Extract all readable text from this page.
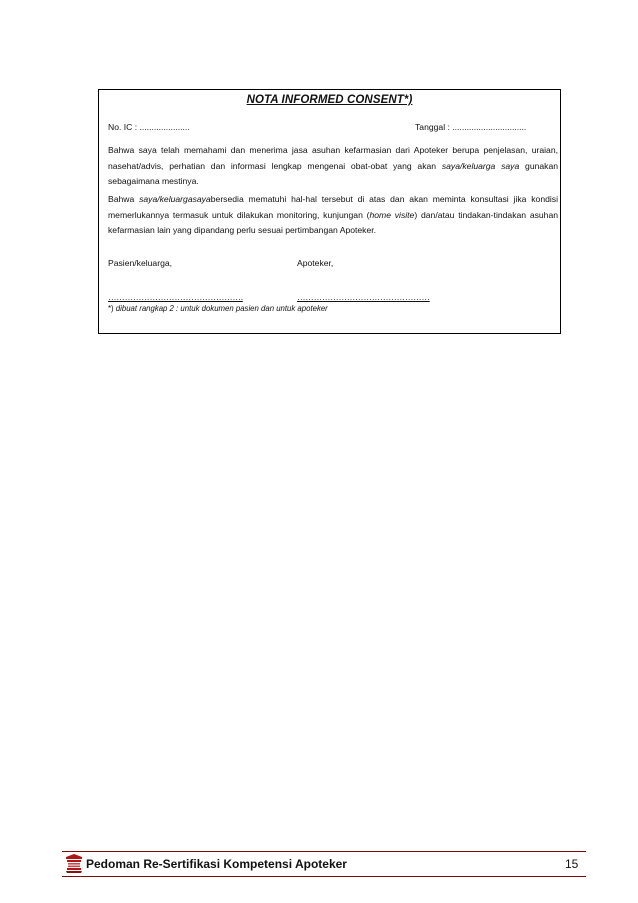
NOTA INFORMED CONSENT*)
No. IC : .....................	Tanggal : ...............................
Bahwa saya telah memahami dan menerima jasa asuhan kefarmasian dari Apoteker berupa penjelasan, uraian, nasehat/advis, perhatian dan informasi lengkap mengenai obat-obat yang akan saya/keluarga saya gunakan sebagaimana mestinya.
Bahwa saya/keluargasayabersedia mematuhi hal-hal tersebut di atas dan akan meminta konsultasi jika kondisi memerlukannya termasuk untuk dilakukan monitoring, kunjungan (home visite) dan/atau tindakan-tindakan asuhan kefarmasian lain yang dipandang perlu sesuai pertimbangan Apoteker.
Pasien/keluarga,	Apoteker,
………………………………………….	…………………………………………
*) dibuat rangkap 2 : untuk dokumen pasien dan untuk apoteker
Pedoman Re-Sertifikasi Kompetensi Apoteker	15
